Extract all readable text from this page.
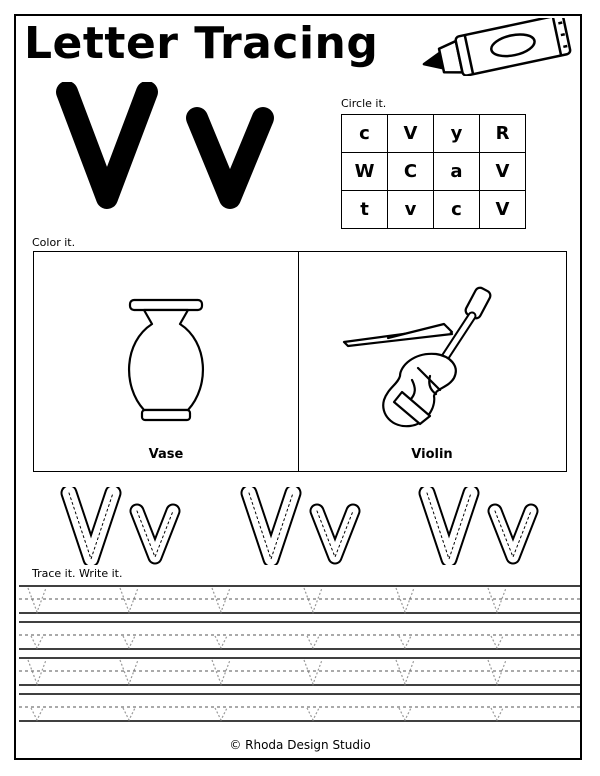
Letter Tracing
Circle it.
c	V	y	R
W	C	a	V
t	v	c	V
Color it.
Vase	Violin
Trace it. Write it.
© Rhoda Design Studio
